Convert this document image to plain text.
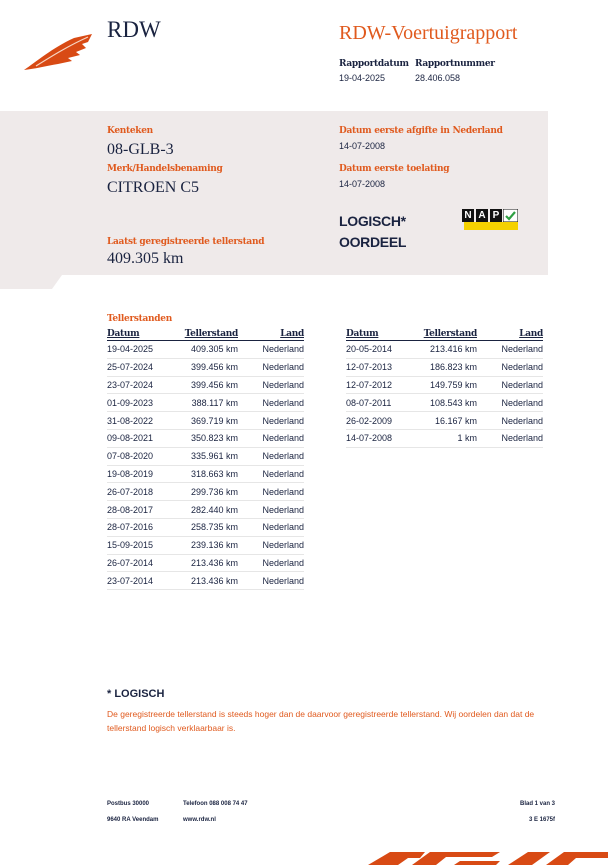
RDW	RDW-Voertuigrapport
Rapportdatum
19-04-2025
Rapportnummer
28.406.058
Kenteken
08-GLB-3
Merk/Handelsbenaming
CITROEN C5
Datum eerste afgifte in Nederland
14-07-2008
Datum eerste toelating
14-07-2008
LOGISCH*
OORDEEL
N A P
Laatst geregistreerde tellerstand
409.305 km
Tellerstanden
Datum	Tellerstand	Land
19-04-2025	409.305 km	Nederland
25-07-2024	399.456 km	Nederland
23-07-2024	399.456 km	Nederland
01-09-2023	388.117 km	Nederland
31-08-2022	369.719 km	Nederland
09-08-2021	350.823 km	Nederland
07-08-2020	335.961 km	Nederland
19-08-2019	318.663 km	Nederland
26-07-2018	299.736 km	Nederland
28-08-2017	282.440 km	Nederland
28-07-2016	258.735 km	Nederland
15-09-2015	239.136 km	Nederland
26-07-2014	213.436 km	Nederland
23-07-2014	213.436 km	Nederland
Datum	Tellerstand	Land
20-05-2014	213.416 km	Nederland
12-07-2013	186.823 km	Nederland
12-07-2012	149.759 km	Nederland
08-07-2011	108.543 km	Nederland
26-02-2009	16.167 km	Nederland
14-07-2008	1 km	Nederland
* LOGISCH
De geregistreerde tellerstand is steeds hoger dan de daarvoor geregistreerde tellerstand. Wij oordelen dan dat de tellerstand logisch verklaarbaar is.
Postbus 30000
9640 RA Veendam
Telefoon 088 008 74 47
www.rdw.nl
Blad 1 van 3
3 E 1675f
